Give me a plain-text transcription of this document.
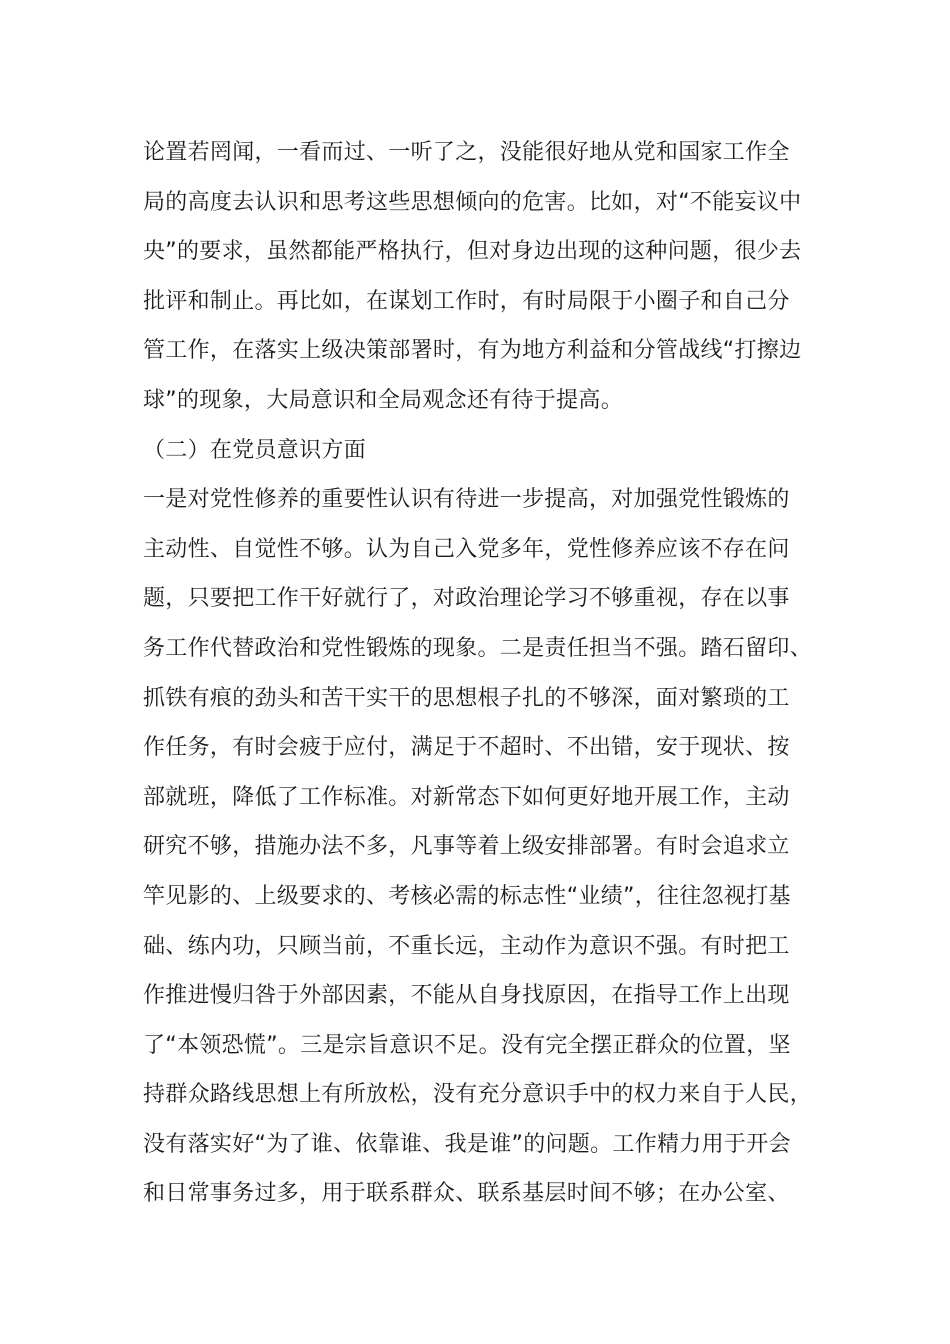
论置若罔闻，一看而过、一听了之，没能很好地从党和国家工作全
局的高度去认识和思考这些思想倾向的危害。比如，对“不能妄议中
央”的要求，虽然都能严格执行，但对身边出现的这种问题，很少去
批评和制止。再比如，在谋划工作时，有时局限于小圈子和自己分
管工作，在落实上级决策部署时，有为地方利益和分管战线“打擦边
球”的现象，大局意识和全局观念还有待于提高。
（二）在党员意识方面
一是对党性修养的重要性认识有待进一步提高，对加强党性锻炼的
主动性、自觉性不够。认为自己入党多年，党性修养应该不存在问
题，只要把工作干好就行了，对政治理论学习不够重视，存在以事
务工作代替政治和党性锻炼的现象。二是责任担当不强。踏石留印、
抓铁有痕的劲头和苦干实干的思想根子扎的不够深，面对繁琐的工
作任务，有时会疲于应付，满足于不超时、不出错，安于现状、按
部就班，降低了工作标准。对新常态下如何更好地开展工作，主动
研究不够，措施办法不多，凡事等着上级安排部署。有时会追求立
竿见影的、上级要求的、考核必需的标志性“业绩”，往往忽视打基
础、练内功，只顾当前，不重长远，主动作为意识不强。有时把工
作推进慢归咎于外部因素，不能从自身找原因，在指导工作上出现
了“本领恐慌”。三是宗旨意识不足。没有完全摆正群众的位置，坚
持群众路线思想上有所放松，没有充分意识手中的权力来自于人民，
没有落实好“为了谁、依靠谁、我是谁”的问题。工作精力用于开会
和日常事务过多，用于联系群众、联系基层时间不够；在办公室、
